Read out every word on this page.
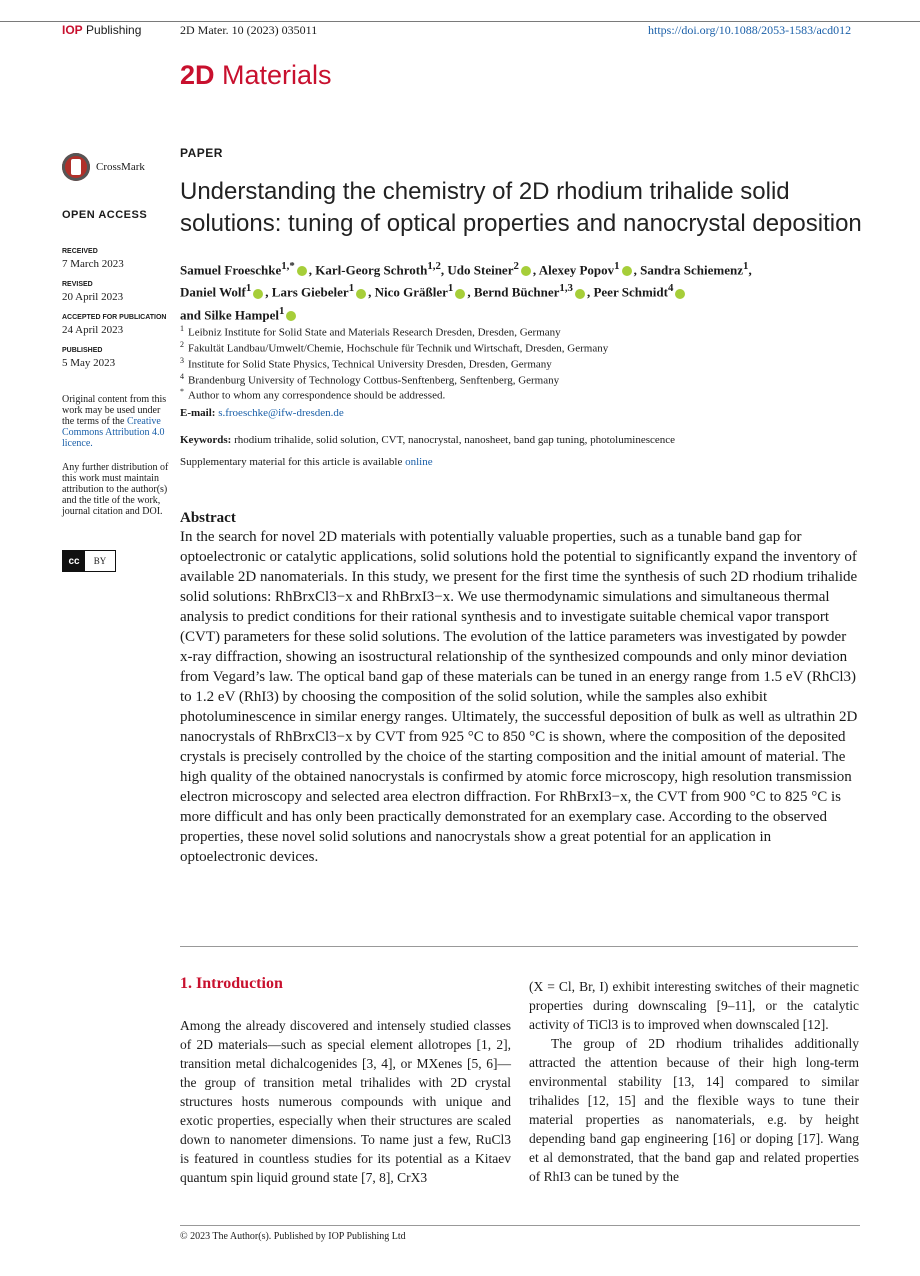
IOP Publishing	2D Mater. 10 (2023) 035011	https://doi.org/10.1088/2053-1583/acd012
2D Materials
CrossMark
OPEN ACCESS
RECEIVED
7 March 2023
REVISED
20 April 2023
ACCEPTED FOR PUBLICATION
24 April 2023
PUBLISHED
5 May 2023
Original content from this work may be used under the terms of the Creative Commons Attribution 4.0 licence.
Any further distribution of this work must maintain attribution to the author(s) and the title of the work, journal citation and DOI.
cc	BY
PAPER
Understanding the chemistry of 2D rhodium trihalide solid solutions: tuning of optical properties and nanocrystal deposition
Samuel Froeschke$^{1,*}$ , Karl-Georg Schroth$^{1,2}$, Udo Steiner$^2$ , Alexey Popov$^1$ , Sandra Schiemenz$^1$,
Daniel Wolf$^1$ , Lars Giebeler$^1$ , Nico Gräßler$^1$ , Bernd Büchner$^{1,3}$ , Peer Schmidt$^4$
and Silke Hampel$^1$
$^1$ Leibniz Institute for Solid State and Materials Research Dresden, Dresden, Germany
$^2$ Fakultät Landbau/Umwelt/Chemie, Hochschule für Technik und Wirtschaft, Dresden, Germany
$^3$ Institute for Solid State Physics, Technical University Dresden, Dresden, Germany
$^4$ Brandenburg University of Technology Cottbus-Senftenberg, Senftenberg, Germany
* Author to whom any correspondence should be addressed.
E-mail: s.froeschke@ifw-dresden.de
Keywords: rhodium trihalide, solid solution, CVT, nanocrystal, nanosheet, band gap tuning, photoluminescence
Supplementary material for this article is available online
Abstract
In the search for novel 2D materials with potentially valuable properties, such as a tunable band gap for optoelectronic or catalytic applications, solid solutions hold the potential to significantly expand the inventory of available 2D nanomaterials. In this study, we present for the first time the synthesis of such 2D rhodium trihalide solid solutions: RhBrxCl3−x and RhBrxI3−x. We use thermodynamic simulations and simultaneous thermal analysis to predict conditions for their rational synthesis and to investigate suitable chemical vapor transport (CVT) parameters for these solid solutions. The evolution of the lattice parameters was investigated by powder x-ray diffraction, showing an isostructural relationship of the synthesized compounds and only minor deviation from Vegard’s law. The optical band gap of these materials can be tuned in an energy range from 1.5 eV (RhCl3) to 1.2 eV (RhI3) by choosing the composition of the solid solution, while the samples also exhibit photoluminescence in similar energy ranges. Ultimately, the successful deposition of bulk as well as ultrathin 2D nanocrystals of RhBrxCl3−x by CVT from 925 °C to 850 °C is shown, where the composition of the deposited crystals is precisely controlled by the choice of the starting composition and the initial amount of material. The high quality of the obtained nanocrystals is confirmed by atomic force microscopy, high resolution transmission electron microscopy and selected area electron diffraction. For RhBrxI3−x, the CVT from 900 °C to 825 °C is more difficult and has only been practically demonstrated for an exemplary case. According to the observed properties, these novel solid solutions and nanocrystals show a great potential for an application in optoelectronic devices.
1. Introduction
Among the already discovered and intensely studied classes of 2D materials—such as special element allotropes [1, 2], transition metal dichalcogenides [3, 4], or MXenes [5, 6]—the group of transition metal trihalides with 2D crystal structures hosts numerous compounds with unique and exotic properties, especially when their structures are scaled down to nanometer dimensions. To name just a few, RuCl3 is featured in countless studies for its potential as a Kitaev quantum spin liquid ground state [7, 8], CrX3

(X = Cl, Br, I) exhibit interesting switches of their magnetic properties during downscaling [9–11], or the catalytic activity of TiCl3 is to improved when downscaled [12].

The group of 2D rhodium trihalides additionally attracted the attention because of their high long-term environmental stability [13, 14] compared to similar trihalides [12, 15] and the flexible ways to tune their material properties as nanomaterials, e.g. by height depending band gap engineering [16] or doping [17]. Wang et al demonstrated, that the band gap and related properties of RhI3 can be tuned by the

© 2023 The Author(s). Published by IOP Publishing Ltd
